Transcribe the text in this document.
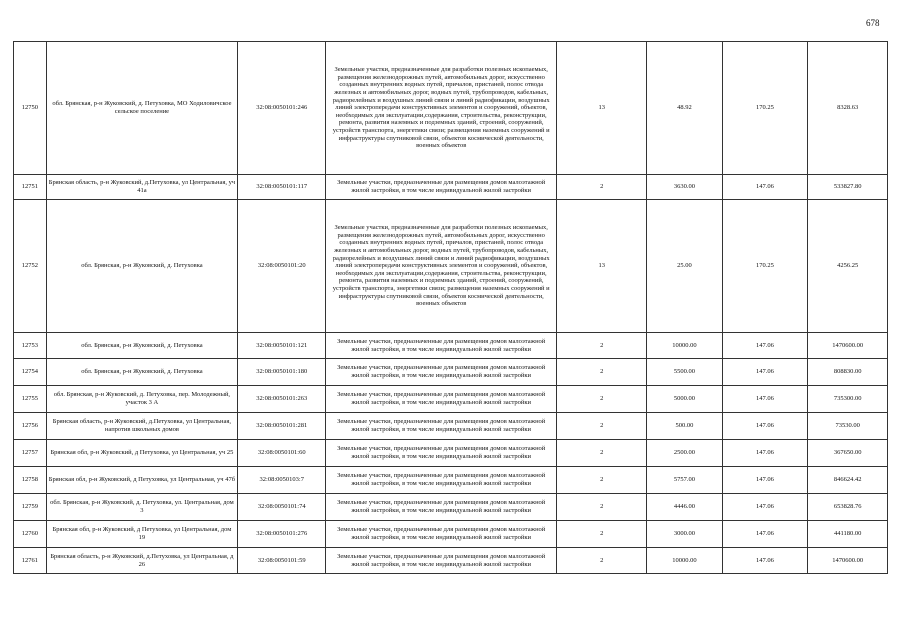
678
12750	обл. Брянская, р-н Жуковский, д. Петуховка, МО Ходиловичское сельское поселение	32:08:0050101:246	Земельные участки, предназначенные для разработки полезных ископаемых, размещения железнодорожных путей, автомобильных дорог, искусственно созданных внутренних водных путей, причалов, пристаней, полос отвода железных и автомобильных дорог, водных путей, трубопроводов, кабельных, радиорелейных и воздушных линий связи и линий радиофикации, воздушных линий электропередачи конструктивных элементов и сооружений, объектов, необходимых для эксплуатации,содержания, строительства, реконструкции, ремонта, развития наземных и подземных зданий, строений, сооружений, устройств транспорта, энергетики связи; размещения наземных сооружений и инфраструктуры спутниковой связи, объектов космической деятельности, военных объектов	13	48.92	170.25	8328.63
12751	Брянская область, р-н Жуковский, д.Петуховка, ул Центральная, уч 41а	32:08:0050101:117	Земельные участки, предназначенные для размещения домов малоэтажной жилой застройки, в том числе индивидуальной жилой застройки	2	3630.00	147.06	533827.80
12752	обл. Брянская, р-н Жуковский, д. Петуховка	32:08:0050101:20	Земельные участки, предназначенные для разработки полезных ископаемых, размещения железнодорожных путей, автомобильных дорог, искусственно созданных внутренних водных путей, причалов, пристаней, полос отвода железных и автомобильных дорог, водных путей, трубопроводов, кабельных, радиорелейных и воздушных линий связи и линий радиофикации, воздушных линий электропередачи конструктивных элементов и сооружений, объектов, необходимых для эксплуатации,содержания, строительства, реконструкции, ремонта, развития наземных и подземных зданий, строений, сооружений, устройств транспорта, энергетики связи; размещения наземных сооружений и инфраструктуры спутниковой связи, объектов космической деятельности, военных объектов	13	25.00	170.25	4256.25
12753	обл. Брянская, р-н Жуковский, д. Петуховка	32:08:0050101:121	Земельные участки, предназначенные для размещения домов малоэтажной жилой застройки, в том числе индивидуальной жилой застройки	2	10000.00	147.06	1470600.00
12754	обл. Брянская, р-н Жуковский, д. Петуховка	32:08:0050101:180	Земельные участки, предназначенные для размещения домов малоэтажной жилой застройки, в том числе индивидуальной жилой застройки	2	5500.00	147.06	808830.00
12755	обл. Брянская, р-н Жуковский, д. Петуховка, пер. Молодежный, участок 3 А	32:08:0050101:263	Земельные участки, предназначенные для размещения домов малоэтажной жилой застройки, в том числе индивидуальной жилой застройки	2	5000.00	147.06	735300.00
12756	Брянская область, р-н Жуковский, д.Петуховка, ул Центральная, напротив школьных домов	32:08:0050101:281	Земельные участки, предназначенные для размещения домов малоэтажной жилой застройки, в том числе индивидуальной жилой застройки	2	500.00	147.06	73530.00
12757	Брянская обл, р-н Жуковский, д Петуховка, ул Центральная, уч 25	32:08:0050101:60	Земельные участки, предназначенные для размещения домов малоэтажной жилой застройки, в том числе индивидуальной жилой застройки	2	2500.00	147.06	367650.00
12758	Брянская обл, р-н Жуковский, д Петуховка, ул Центральная, уч 47б	32:08:0050103:7	Земельные участки, предназначенные для размещения домов малоэтажной жилой застройки, в том числе индивидуальной жилой застройки	2	5757.00	147.06	846624.42
12759	обл. Брянская, р-н Жуковский, д. Петуховка, ул. Центральная, дом 3	32:08:0050101:74	Земельные участки, предназначенные для размещения домов малоэтажной жилой застройки, в том числе индивидуальной жилой застройки	2	4446.00	147.06	653828.76
12760	Брянская обл, р-н Жуковский, д Петуховка, ул Центральная, дом 19	32:08:0050101:276	Земельные участки, предназначенные для размещения домов малоэтажной жилой застройки, в том числе индивидуальной жилой застройки	2	3000.00	147.06	441180.00
12761	Брянская область, р-н Жуковский, д.Петуховка, ул Центральная, д 26	32:08:0050101:59	Земельные участки, предназначенные для размещения домов малоэтажной жилой застройки, в том числе индивидуальной жилой застройки	2	10000.00	147.06	1470600.00
